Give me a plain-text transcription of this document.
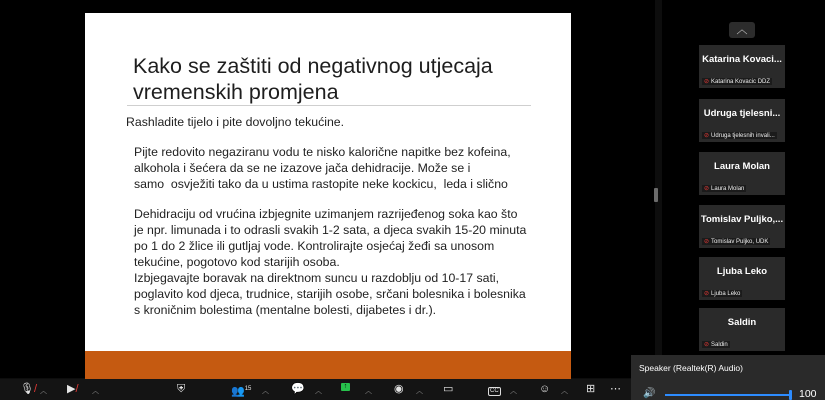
Kako se zaštiti od negativnog utjecaja
vremenskih promjena

Rashladite tijelo i pite dovoljno tekućine.

Pijte redovito negaziranu vodu te nisko kalorične napitke bez kofeina,

alkohola i šećera da se ne izazove jača dehidracije. Može se i

samo  osvježiti tako da u ustima rastopite neke kockicu,  leda i slično

Dehidraciju od vrućina izbjegnite uzimanjem razrijeđenog soka kao što

je npr. limunada i to odrasli svakih 1-2 sata, a djeca svakih 15-20 minuta

po 1 do 2 žlice ili gutljaj vode. Kontrolirajte osjećaj žeđi sa unosom

tekućine, pogotovo kod starijih osoba.

Izbjegavajte boravak na direktnom suncu u razdoblju od 10-17 sati,

poglavito kod djeca, trudnice, starijih osobe, srčani bolesnika i bolesnika

s kroničnim bolestima (mentalne bolesti, dijabetes i dr.).

︿
Katarina Kovaci...
⊘ Katarina Kovacic DDZ
Udruga tjelesni...
⊘ Udruga tjelesnih invali...
Laura Molan
⊘ Laura Molan
Tomislav Puljko,...
⊘ Tomislav Puljko, UDK
Ljuba Leko
⊘ Ljuba Leko
Saldin
⊘ Saldin
🎙/ ︿ ▶/ ︿	⛨	👥$^{15}$ ︿ 💬 ︿
↑
︿ ◉ ︿ ▭	CC ︿ ☺ ︿ ⊞ ⋯
Speaker (Realtek(R) Audio)
🔊	100
